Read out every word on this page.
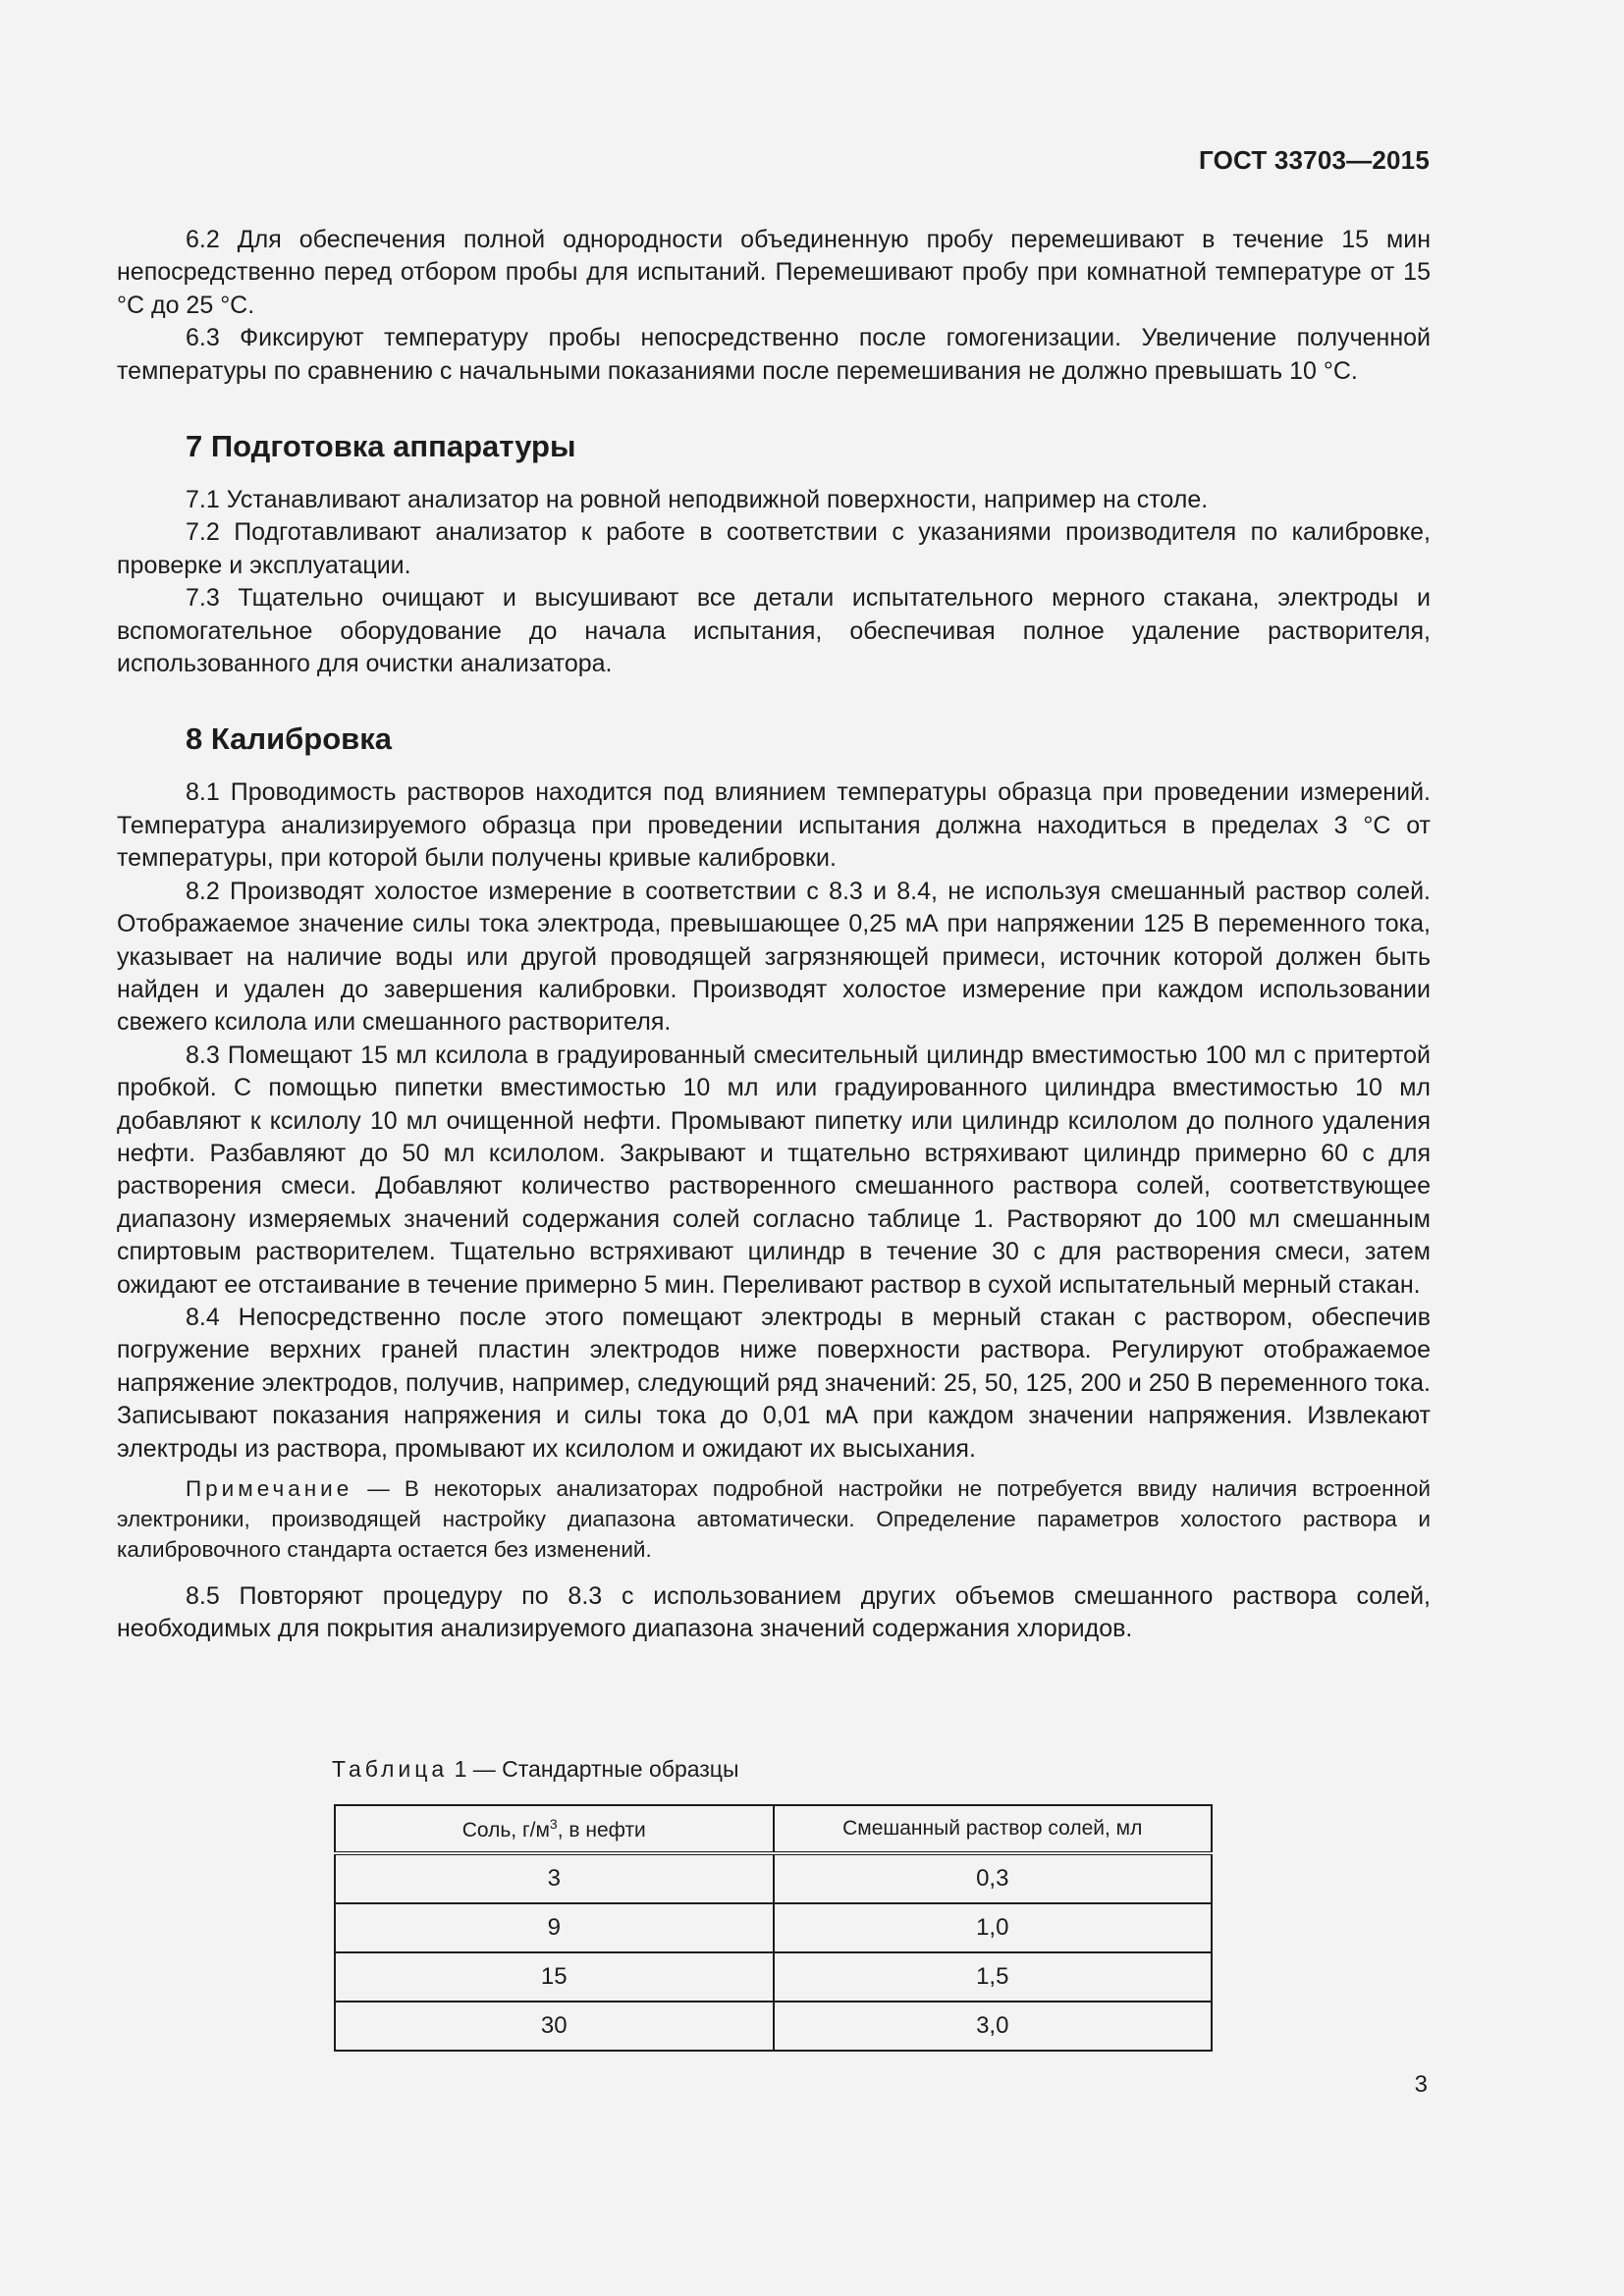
ГОСТ 33703—2015

6.2 Для обеспечения полной однородности объединенную пробу перемешивают в течение 15 мин непосредственно перед отбором пробы для испытаний. Перемешивают пробу при комнатной температуре от 15 °С до 25 °С.

6.3 Фиксируют температуру пробы непосредственно после гомогенизации. Увеличение полученной температуры по сравнению с начальными показаниями после перемешивания не должно превышать 10 °С.

7 Подготовка аппаратуры

7.1 Устанавливают анализатор на ровной неподвижной поверхности, например на столе.

7.2 Подготавливают анализатор к работе в соответствии с указаниями производителя по калибровке, проверке и эксплуатации.

7.3 Тщательно очищают и высушивают все детали испытательного мерного стакана, электроды и вспомогательное оборудование до начала испытания, обеспечивая полное удаление растворителя, использованного для очистки анализатора.

8 Калибровка

8.1 Проводимость растворов находится под влиянием температуры образца при проведении измерений. Температура анализируемого образца при проведении испытания должна находиться в пределах 3 °С от температуры, при которой были получены кривые калибровки.

8.2 Производят холостое измерение в соответствии с 8.3 и 8.4, не используя смешанный раствор солей. Отображаемое значение силы тока электрода, превышающее 0,25 мА при напряжении 125 В переменного тока, указывает на наличие воды или другой проводящей загрязняющей примеси, источник которой должен быть найден и удален до завершения калибровки. Производят холостое измерение при каждом использовании свежего ксилола или смешанного растворителя.

8.3 Помещают 15 мл ксилола в градуированный смесительный цилиндр вместимостью 100 мл с притертой пробкой. С помощью пипетки вместимостью 10 мл или градуированного цилиндра вместимостью 10 мл добавляют к ксилолу 10 мл очищенной нефти. Промывают пипетку или цилиндр ксилолом до полного удаления нефти. Разбавляют до 50 мл ксилолом. Закрывают и тщательно встряхивают цилиндр примерно 60 с для растворения смеси. Добавляют количество растворенного смешанного раствора солей, соответствующее диапазону измеряемых значений содержания солей согласно таблице 1. Растворяют до 100 мл смешанным спиртовым растворителем. Тщательно встряхивают цилиндр в течение 30 с для растворения смеси, затем ожидают ее отстаивание в течение примерно 5 мин. Переливают раствор в сухой испытательный мерный стакан.

8.4 Непосредственно после этого помещают электроды в мерный стакан с раствором, обеспечив погружение верхних граней пластин электродов ниже поверхности раствора. Регулируют отображаемое напряжение электродов, получив, например, следующий ряд значений: 25, 50, 125, 200 и 250 В переменного тока. Записывают показания напряжения и силы тока до 0,01 мА при каждом значении напряжения. Извлекают электроды из раствора, промывают их ксилолом и ожидают их высыхания.

Примечание — В некоторых анализаторах подробной настройки не потребуется ввиду наличия встроенной электроники, производящей настройку диапазона автоматически. Определение параметров холостого раствора и калибровочного стандарта остается без изменений.

8.5 Повторяют процедуру по 8.3 с использованием других объемов смешанного раствора солей, необходимых для покрытия анализируемого диапазона значений содержания хлоридов.

Таблица 1 — Стандартные образцы
Соль, $г/м^3$, в нефти	Смешанный раствор солей, мл
3	0,3
9	1,0
15	1,5
30	3,0
3
